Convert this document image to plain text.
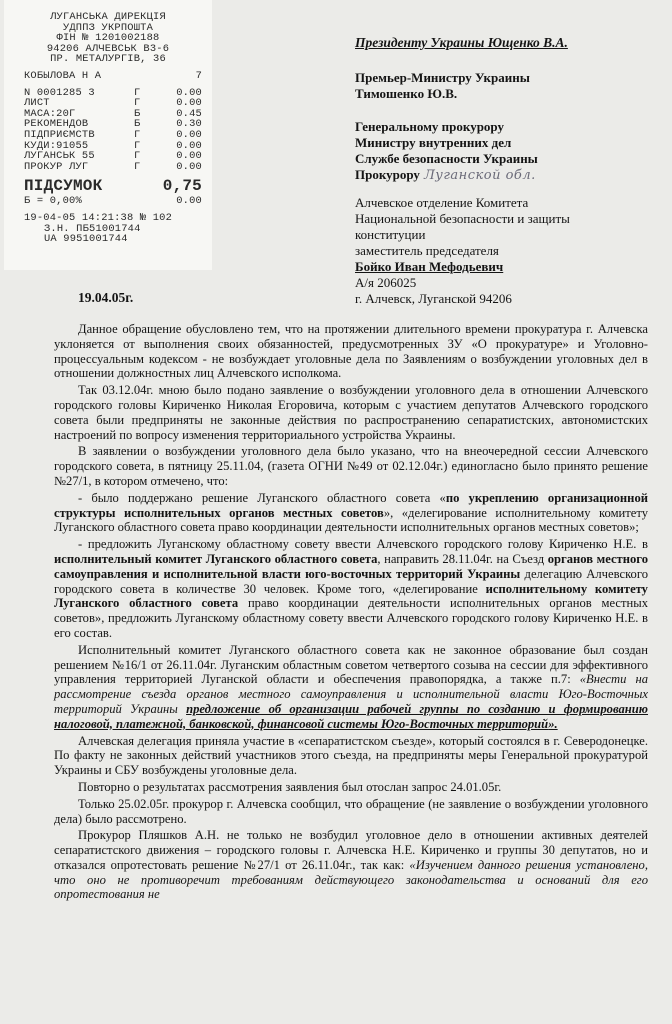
ЛУГАНСЬКА ДИРЕКЦІЯ
УДППЗ УКРПОШТА
ФІН № 1201002188
94206 АЛЧЕВСЬК В3-6
ПР. МЕТАЛУРГІВ, 36
КОБЫЛОВА Н А	7
N 0001285 3	Г	0.00
ЛИСТ	Г	0.00
МАСА:20Г	Б	0.45
РЕКОМЕНДОВ	Б	0.30
ПІДПРИЄМСТВ	Г	0.00
КУДИ:91055	Г	0.00
ЛУГАНСЬК 55	Г	0.00
ПРОКУР ЛУГ	Г	0.00
ПІДСУМОК	0,75
Б = 0,00%	0.00
19-04-05 14:21:38 № 102
З.Н. ПБ51001744
UA 9951001744
19.04.05г.
Президенту Украины Ющенко В.А.
Премьер-Министру Украины
Тимошенко Ю.В.
Генеральному прокурору
Министру внутренних дел
Службе безопасности Украины
Прокурору Луганской обл.
Алчевское отделение Комитета
Национальной безопасности и защиты
конституции
заместитель председателя
Бойко Иван Мефодьевич
А/я 206025
г. Алчевск, Луганской 94206

Данное обращение обусловлено тем, что на протяжении длительного времени прокуратура г. Алчевска уклоняется от выполнения своих обязанностей, предусмотренных ЗУ «О прокуратуре» и Уголовно-процессуальным кодексом - не возбуждает уголовные дела по Заявлениям о возбуждении уголовных дел в отношении должностных лиц Алчевского исполкома.

Так 03.12.04г. мною было подано заявление о возбуждении уголовного дела в отношении Алчевского городского головы Кириченко Николая Егоровича, которым с участием депутатов Алчевского городского совета были предприняты не законные действия по распространению сепаратистских, автономистских настроений по вопросу изменения территориального устройства Украины.

В заявлении о возбуждении уголовного дела было указано, что на внеочередной сессии Алчевского городского совета, в пятницу 25.11.04, (газета ОГНИ №49 от 02.12.04г.) единогласно было принято решение №27/1, в котором отмечено, что:

- было поддержано решение Луганского областного совета «по укреплению организационной структуры исполнительных органов местных советов», «делегирование исполнительному комитету Луганского областного совета право координации деятельности исполнительных органов местных советов»;

- предложить Луганскому областному совету ввести Алчевского городского голову Кириченко Н.Е. в исполнительный комитет Луганского областного совета, направить 28.11.04г. на Съезд органов местного самоуправления и исполнительной власти юго-восточных территорий Украины делегацию Алчевского городского совета в количестве 30 человек. Кроме того, «делегирование исполнительному комитету Луганского областного совета право координации деятельности исполнительных органов местных советов», предложить Луганскому областному совету ввести Алчевского городского голову Кириченко Н.Е. в его состав.

Исполнительный комитет Луганского областного совета как не законное образование был создан решением №16/1 от 26.11.04г. Луганским областным советом четвертого созыва на сессии для эффективного управления территорией Луганской области и обеспечения правопорядка, а также п.7: «Внести на рассмотрение съезда органов местного самоуправления и исполнительной власти Юго-Восточных территорий Украины предложение об организации рабочей группы по созданию и формированию налоговой, платежной, банковской, финансовой системы Юго-Восточных территорий».

Алчевская делегация приняла участие в «сепаратистском съезде», который состоялся в г. Северодонецке. По факту не законных действий участников этого съезда, на предприняты меры Генеральной прокуратурой Украины и СБУ возбуждены уголовные дела.

Повторно о результатах рассмотрения заявления был отослан запрос 24.01.05г.

Только 25.02.05г. прокурор г. Алчевска сообщил, что обращение (не заявление о возбуждении уголовного дела) было рассмотрено.

Прокурор Пляшков А.Н. не только не возбудил уголовное дело в отношении активных деятелей сепаратистского движения – городского головы г. Алчевска Н.Е. Кириченко и группы 30 депутатов, но и отказался опротестовать решение №27/1 от 26.11.04г., так как: «Изучением данного решения установлено, что оно не противоречит требованиям действующего законодательства и оснований для его опротестования не
